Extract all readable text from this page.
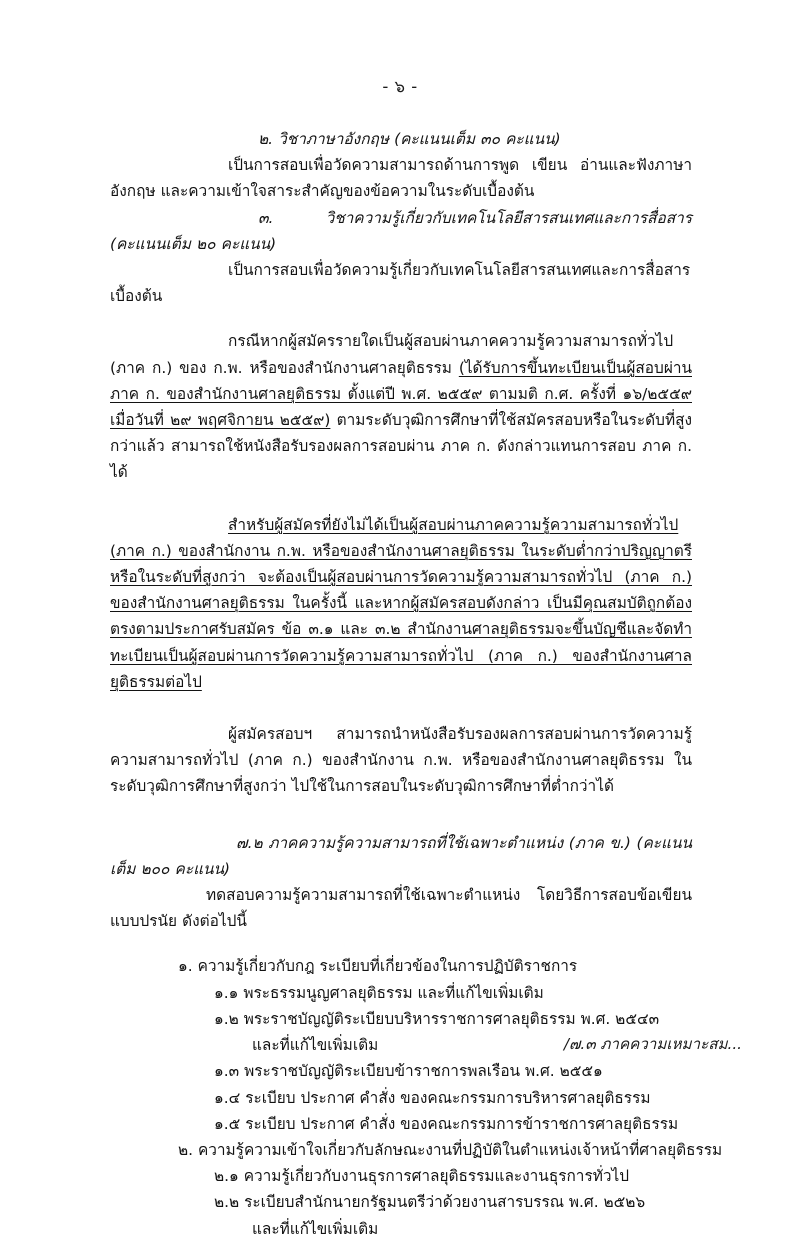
- ๖ -

๒. วิชาภาษาอังกฤษ (คะแนนเต็ม ๓๐ คะแนน)

เป็นการสอบเพื่อวัดความสามารถด้านการพูด เขียน อ่านและฟังภาษาอังกฤษ และความเข้าใจสาระสำคัญของข้อความในระดับเบื้องต้น

๓. วิชาความรู้เกี่ยวกับเทคโนโลยีสารสนเทศและการสื่อสาร (คะแนนเต็ม ๒๐ คะแนน)

เป็นการสอบเพื่อวัดความรู้เกี่ยวกับเทคโนโลยีสารสนเทศและการสื่อสารเบื้องต้น

กรณีหากผู้สมัครรายใดเป็นผู้สอบผ่านภาคความรู้ความสามารถทั่วไป (ภาค ก.) ของ ก.พ. หรือของสำนักงานศาลยุติธรรม (ได้รับการขึ้นทะเบียนเป็นผู้สอบผ่านภาค ก. ของสำนักงานศาลยุติธรรม ตั้งแต่ปี พ.ศ. ๒๕๕๙ ตามมติ ก.ศ. ครั้งที่ ๑๖/๒๕๕๙ เมื่อวันที่ ๒๙ พฤศจิกายน ๒๕๕๙) ตามระดับวุฒิการศึกษาที่ใช้สมัครสอบหรือในระดับที่สูงกว่าแล้ว สามารถใช้หนังสือรับรองผลการสอบผ่าน ภาค ก. ดังกล่าวแทนการสอบ ภาค ก. ได้

สำหรับผู้สมัครที่ยังไม่ได้เป็นผู้สอบผ่านภาคความรู้ความสามารถทั่วไป (ภาค ก.) ของสำนักงาน ก.พ. หรือของสำนักงานศาลยุติธรรม ในระดับต่ำกว่าปริญญาตรี หรือในระดับที่สูงกว่า จะต้องเป็นผู้สอบผ่านการวัดความรู้ความสามารถทั่วไป (ภาค ก.) ของสำนักงานศาลยุติธรรม ในครั้งนี้ และหากผู้สมัครสอบดังกล่าว เป็นมีคุณสมบัติถูกต้องตรงตามประกาศรับสมัคร ข้อ ๓.๑ และ ๓.๒ สำนักงานศาลยุติธรรมจะขึ้นบัญชีและจัดทำทะเบียนเป็นผู้สอบผ่านการวัดความรู้ความสามารถทั่วไป (ภาค ก.) ของสำนักงานศาลยุติธรรมต่อไป

ผู้สมัครสอบฯ สามารถนำหนังสือรับรองผลการสอบผ่านการวัดความรู้ความสามารถทั่วไป (ภาค ก.) ของสำนักงาน ก.พ. หรือของสำนักงานศาลยุติธรรม ในระดับวุฒิการศึกษาที่สูงกว่า ไปใช้ในการสอบในระดับวุฒิการศึกษาที่ต่ำกว่าได้

๗.๒ ภาคความรู้ความสามารถที่ใช้เฉพาะตำแหน่ง (ภาค ข.) (คะแนนเต็ม ๒๐๐ คะแนน)

ทดสอบความรู้ความสามารถที่ใช้เฉพาะตำแหน่ง โดยวิธีการสอบข้อเขียน แบบปรนัย ดังต่อไปนี้

๑. ความรู้เกี่ยวกับกฎ ระเบียบที่เกี่ยวข้องในการปฏิบัติราชการ
๑.๑ พระธรรมนูญศาลยุติธรรม และที่แก้ไขเพิ่มเติม
๑.๒ พระราชบัญญัติระเบียบบริหารราชการศาลยุติธรรม พ.ศ. ๒๕๔๓
และที่แก้ไขเพิ่มเติม
๑.๓ พระราชบัญญัติระเบียบข้าราชการพลเรือน พ.ศ. ๒๕๕๑
๑.๔ ระเบียบ ประกาศ คำสั่ง ของคณะกรรมการบริหารศาลยุติธรรม
๑.๕ ระเบียบ ประกาศ คำสั่ง ของคณะกรรมการข้าราชการศาลยุติธรรม
๒. ความรู้ความเข้าใจเกี่ยวกับลักษณะงานที่ปฏิบัติในตำแหน่งเจ้าหน้าที่ศาลยุติธรรม
๒.๑ ความรู้เกี่ยวกับงานธุรการศาลยุติธรรมและงานธุรการทั่วไป
๒.๒ ระเบียบสำนักนายกรัฐมนตรีว่าด้วยงานสารบรรณ พ.ศ. ๒๕๒๖
และที่แก้ไขเพิ่มเติม
/๗.๓ ภาคความเหมาะสม...
